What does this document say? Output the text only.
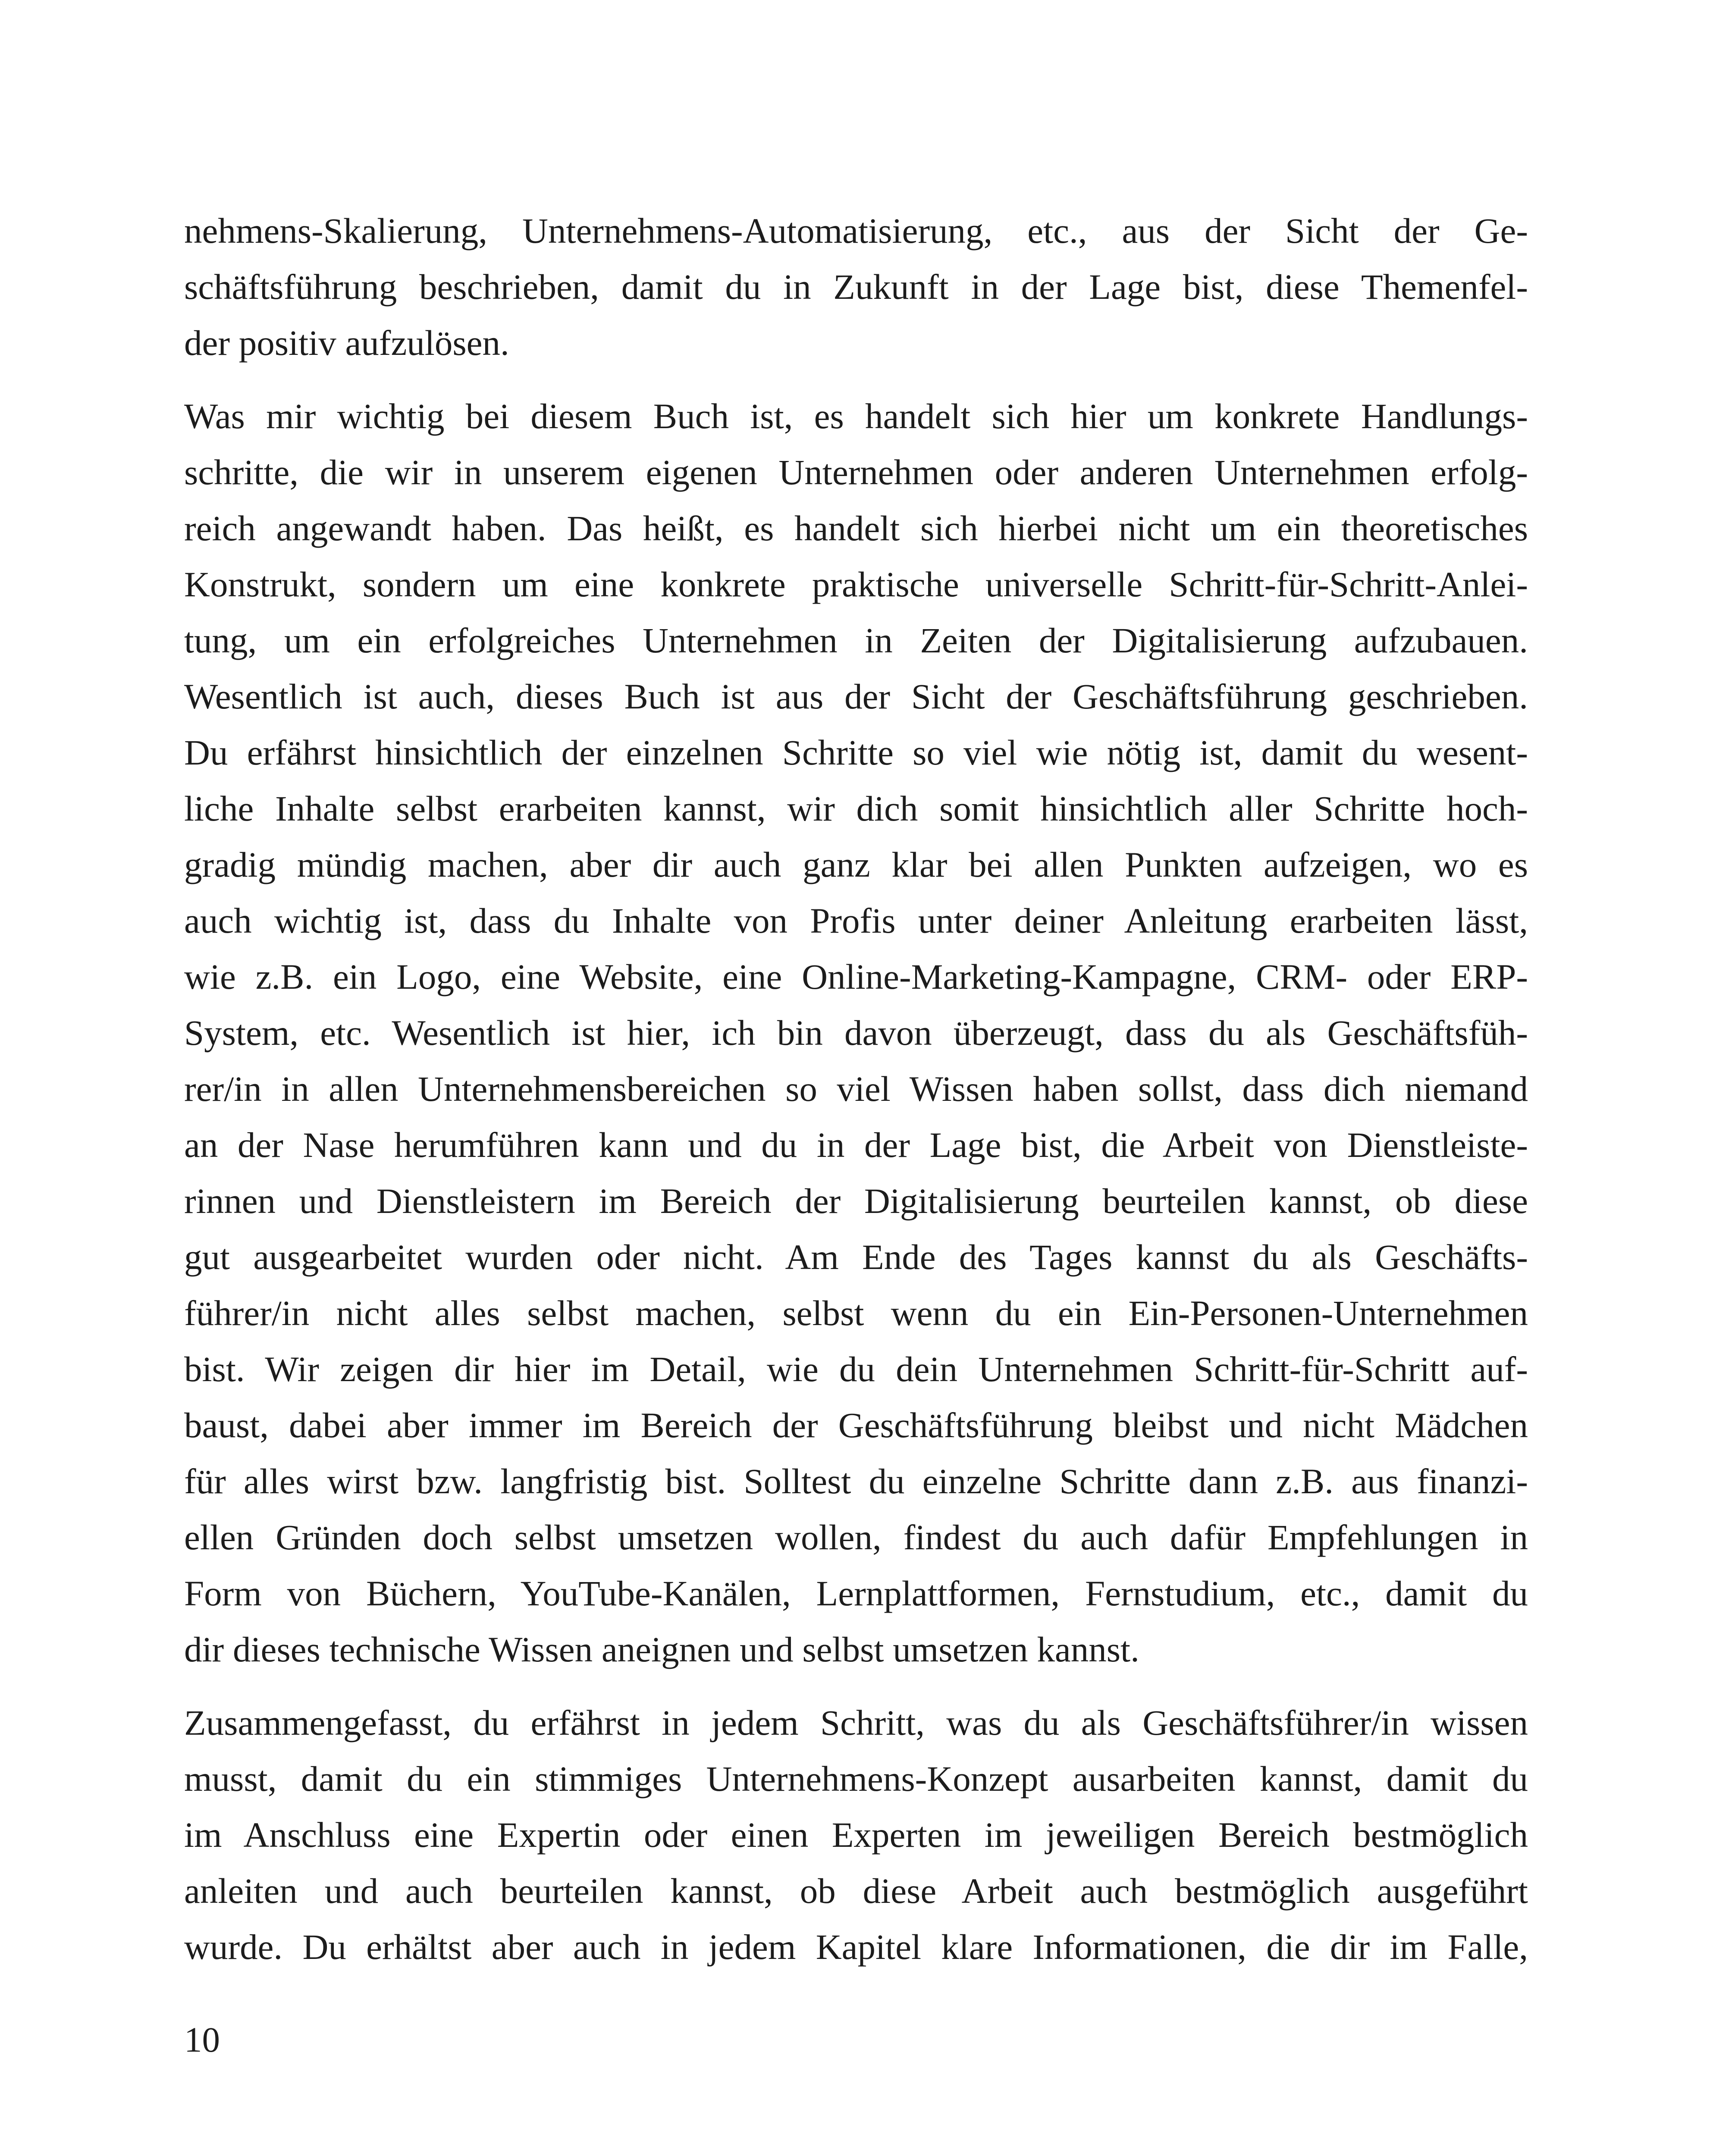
nehmens-Skalierung, Unternehmens-Automatisierung, etc., aus der Sicht der Ge-
schäftsführung beschrieben, damit du in Zukunft in der Lage bist, diese Themenfel-
der positiv aufzulösen.

Was mir wichtig bei diesem Buch ist, es handelt sich hier um konkrete Handlungs-
schritte, die wir in unserem eigenen Unternehmen oder anderen Unternehmen erfolg-
reich angewandt haben. Das heißt, es handelt sich hierbei nicht um ein theoretisches
Konstrukt, sondern um eine konkrete praktische universelle Schritt-für-Schritt-Anlei-
tung, um ein erfolgreiches Unternehmen in Zeiten der Digitalisierung aufzubauen.
Wesentlich ist auch, dieses Buch ist aus der Sicht der Geschäftsführung geschrieben.
Du erfährst hinsichtlich der einzelnen Schritte so viel wie nötig ist, damit du wesent-
liche Inhalte selbst erarbeiten kannst, wir dich somit hinsichtlich aller Schritte hoch-
gradig mündig machen, aber dir auch ganz klar bei allen Punkten aufzeigen, wo es
auch wichtig ist, dass du Inhalte von Profis unter deiner Anleitung erarbeiten lässt,
wie z.B. ein Logo, eine Website, eine Online-Marketing-Kampagne, CRM- oder ERP-
System, etc. Wesentlich ist hier, ich bin davon überzeugt, dass du als Geschäftsfüh-
rer/in in allen Unternehmensbereichen so viel Wissen haben sollst, dass dich niemand
an der Nase herumführen kann und du in der Lage bist, die Arbeit von Dienstleiste-
rinnen und Dienstleistern im Bereich der Digitalisierung beurteilen kannst, ob diese
gut ausgearbeitet wurden oder nicht. Am Ende des Tages kannst du als Geschäfts-
führer/in nicht alles selbst machen, selbst wenn du ein Ein-Personen-Unternehmen
bist. Wir zeigen dir hier im Detail, wie du dein Unternehmen Schritt-für-Schritt auf-
baust, dabei aber immer im Bereich der Geschäftsführung bleibst und nicht Mädchen
für alles wirst bzw. langfristig bist. Solltest du einzelne Schritte dann z.B. aus finanzi-
ellen Gründen doch selbst umsetzen wollen, findest du auch dafür Empfehlungen in
Form von Büchern, YouTube-Kanälen, Lernplattformen, Fernstudium, etc., damit du
dir dieses technische Wissen aneignen und selbst umsetzen kannst.

Zusammengefasst, du erfährst in jedem Schritt, was du als Geschäftsführer/in wissen
musst, damit du ein stimmiges Unternehmens-Konzept ausarbeiten kannst, damit du
im Anschluss eine Expertin oder einen Experten im jeweiligen Bereich bestmöglich
anleiten und auch beurteilen kannst, ob diese Arbeit auch bestmöglich ausgeführt
wurde. Du erhältst aber auch in jedem Kapitel klare Informationen, die dir im Falle,

10
